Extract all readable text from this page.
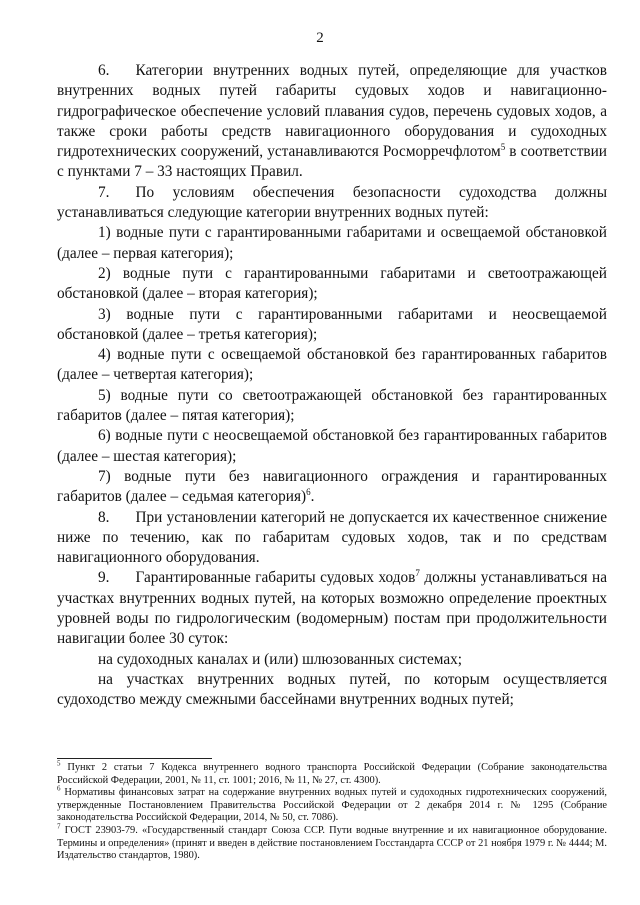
2

6. Категории внутренних водных путей, определяющие для участков внутренних водных путей габариты судовых ходов и навигационно-гидрографическое обеспечение условий плавания судов, перечень судовых ходов, а также сроки работы средств навигационного оборудования и судоходных гидротехнических сооружений, устанавливаются Росморречфлотом$^5$ в соответствии с пунктами 7 – 33 настоящих Правил.

7. По условиям обеспечения безопасности судоходства должны устанавливаться следующие категории внутренних водных путей:

1) водные пути с гарантированными габаритами и освещаемой обстановкой (далее – первая категория);

2) водные пути с гарантированными габаритами и светоотражающей обстановкой (далее – вторая категория);

3) водные пути с гарантированными габаритами и неосвещаемой обстановкой (далее – третья категория);

4) водные пути с освещаемой обстановкой без гарантированных габаритов (далее – четвертая категория);

5) водные пути со светоотражающей обстановкой без гарантированных габаритов (далее – пятая категория);

6) водные пути с неосвещаемой обстановкой без гарантированных габаритов (далее – шестая категория);

7) водные пути без навигационного ограждения и гарантированных габаритов (далее – седьмая категория)$^6$.

8. При установлении категорий не допускается их качественное снижение ниже по течению, как по габаритам судовых ходов, так и по средствам навигационного оборудования.

9. Гарантированные габариты судовых ходов$^7$ должны устанавливаться на участках внутренних водных путей, на которых возможно определение проектных уровней воды по гидрологическим (водомерным) постам при продолжительности навигации более 30 суток:

на судоходных каналах и (или) шлюзованных системах;

на участках внутренних водных путей, по которым осуществляется судоходство между смежными бассейнами внутренних водных путей;

$^5$ Пункт 2 статьи 7 Кодекса внутреннего водного транспорта Российской Федерации (Собрание законодательства Российской Федерации, 2001, № 11, ст. 1001; 2016, № 11, № 27, ст. 4300).

$^6$ Нормативы финансовых затрат на содержание внутренних водных путей и судоходных гидротехнических сооружений, утвержденные Постановлением Правительства Российской Федерации от 2 декабря 2014 г. № 1295 (Собрание законодательства Российской Федерации, 2014, № 50, ст. 7086).

$^7$ ГОСТ 23903-79. «Государственный стандарт Союза ССР. Пути водные внутренние и их навигационное оборудование. Термины и определения» (принят и введен в действие постановлением Госстандарта СССР от 21 ноября 1979 г. № 4444; М. Издательство стандартов, 1980).
